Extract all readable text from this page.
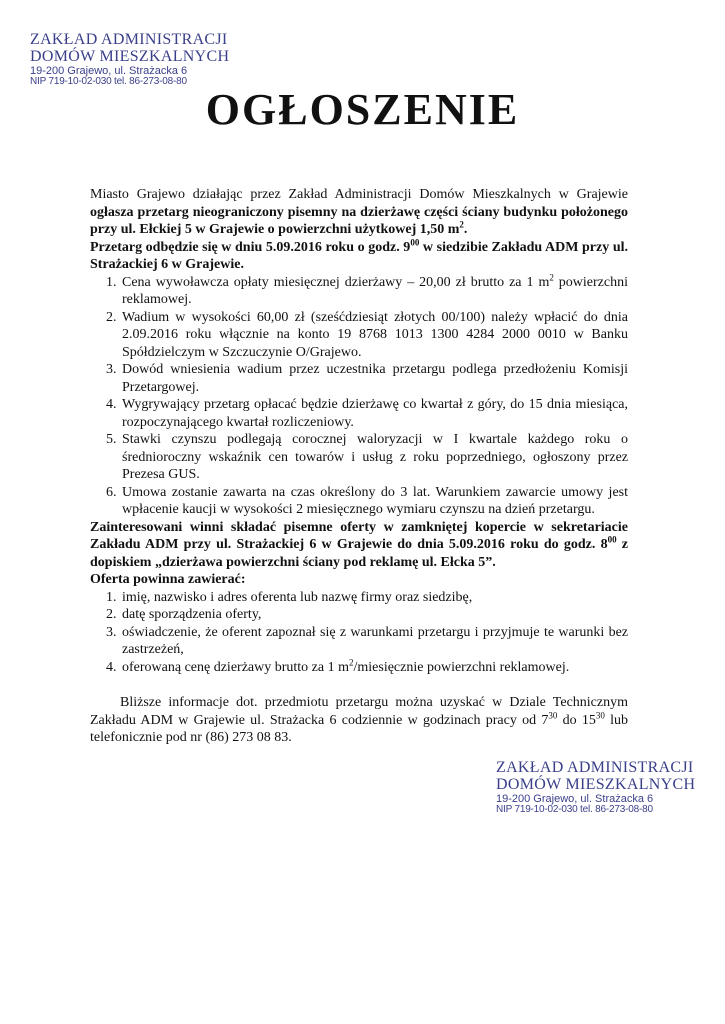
ZAKŁAD ADMINISTRACJI
DOMÓW MIESZKALNYCH
19-200 Grajewo, ul. Strażacka 6
NIP 719-10-02-030 tel. 86-273-08-80
OGŁOSZENIE

Miasto Grajewo działając przez Zakład Administracji Domów Mieszkalnych w Grajewie ogłasza przetarg nieograniczony pisemny na dzierżawę części ściany budynku położonego przy ul. Ełckiej 5 w Grajewie o powierzchni użytkowej 1,50 $m^2$.

Przetarg odbędzie się w dniu 5.09.2016 roku o godz. $9^{00}$ w siedzibie Zakładu ADM przy ul. Strażackiej 6 w Grajewie.

1. Cena wywoławcza opłaty miesięcznej dzierżawy – 20,00 zł brutto za 1 $m^2$ powierzchni reklamowej.
2. Wadium w wysokości 60,00 zł (sześćdziesiąt złotych 00/100) należy wpłacić do dnia 2.09.2016 roku włącznie na konto 19 8768 1013 1300 4284 2000 0010 w Banku Spółdzielczym w Szczuczynie O/Grajewo.
3. Dowód wniesienia wadium przez uczestnika przetargu podlega przedłożeniu Komisji Przetargowej.
4. Wygrywający przetarg opłacać będzie dzierżawę co kwartał z góry, do 15 dnia miesiąca, rozpoczynającego kwartał rozliczeniowy.
5. Stawki czynszu podlegają corocznej waloryzacji w I kwartale każdego roku o średnioroczny wskaźnik cen towarów i usług z roku poprzedniego, ogłoszony przez Prezesa GUS.
6. Umowa zostanie zawarta na czas określony do 3 lat. Warunkiem zawarcie umowy jest wpłacenie kaucji w wysokości 2 miesięcznego wymiaru czynszu na dzień przetargu.

Zainteresowani winni składać pisemne oferty w zamkniętej kopercie w sekretariacie Zakładu ADM przy ul. Strażackiej 6 w Grajewie do dnia 5.09.2016 roku do godz. $8^{00}$ z dopiskiem „dzierżawa powierzchni ściany pod reklamę ul. Ełcka 5”.

Oferta powinna zawierać:

1. imię, nazwisko i adres oferenta lub nazwę firmy oraz siedzibę,
2. datę sporządzenia oferty,
3. oświadczenie, że oferent zapoznał się z warunkami przetargu i przyjmuje te warunki bez zastrzeżeń,
4. oferowaną cenę dzierżawy brutto za 1 $m^2$/miesięcznie powierzchni reklamowej.

Bliższe informacje dot. przedmiotu przetargu można uzyskać w Dziale Technicznym Zakładu ADM w Grajewie ul. Strażacka 6 codziennie w godzinach pracy od $7^{30}$ do $15^{30}$ lub telefonicznie pod nr (86) 273 08 83.

ZAKŁAD ADMINISTRACJI
DOMÓW MIESZKALNYCH
19-200 Grajewo, ul. Strażacka 6
NIP 719-10-02-030 tel. 86-273-08-80
